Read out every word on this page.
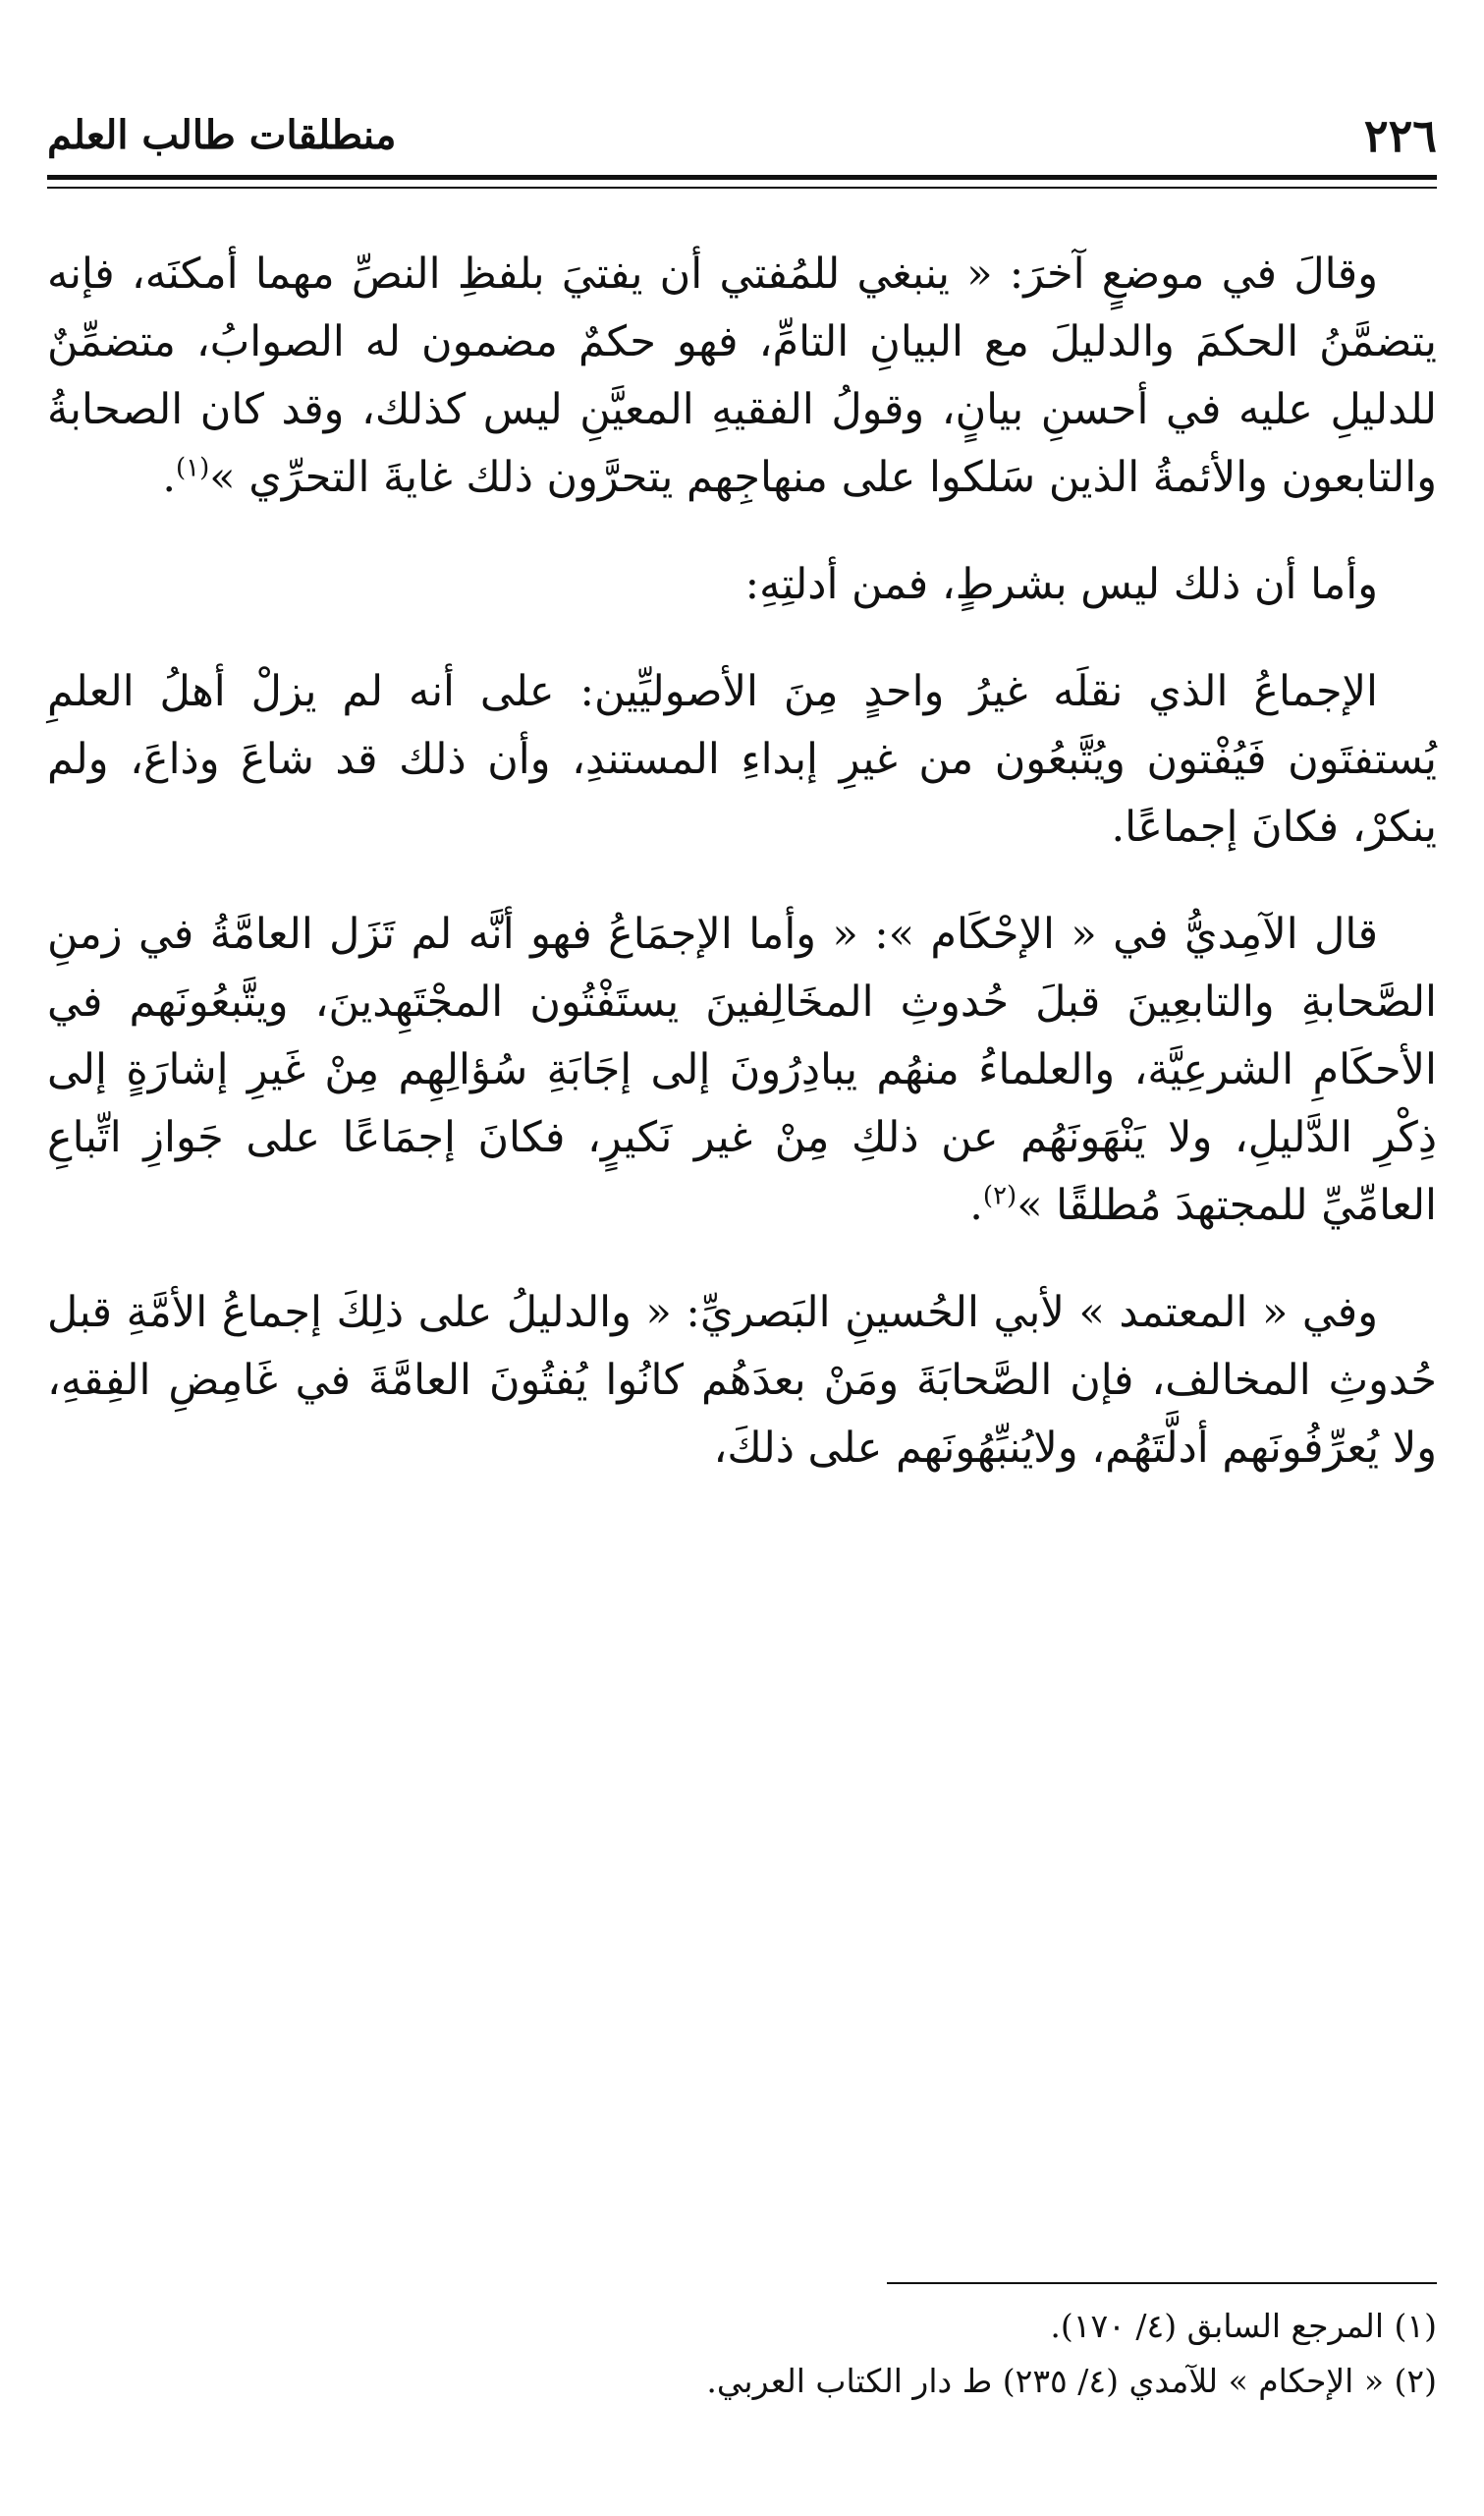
٢٢٦
منطلقات طالب العلم

وقالَ في موضعٍ آخرَ: « ينبغي للمُفتي أن يفتيَ بلفظِ النصِّ مهما أمكنَه، فإنه يتضمَّنُ الحكمَ والدليلَ مع البيانِ التامِّ، فهو حكمٌ مضمون له الصوابُ، متضمِّنٌ للدليلِ عليه في أحسنِ بيانٍ، وقولُ الفقيهِ المعيَّنِ ليس كذلك، وقد كان الصحابةُ والتابعون والأئمةُ الذين سَلكوا على منهاجِهم يتحرَّون ذلك غايةَ التحرِّي »$^{(١)}$.

وأما أن ذلك ليس بشرطٍ، فمن أدلتِهِ:

الإجماعُ الذي نقلَه غيرُ واحدٍ مِنَ الأصوليِّين: على أنه لم يزلْ أهلُ العلمِ يُستفتَون فَيُفْتون ويُتَّبعُون من غيرِ إبداءِ المستندِ، وأن ذلك قد شاعَ وذاعَ، ولم ينكرْ، فكانَ إجماعًا.

قال الآمِديُّ في « الإحْكَام »: « وأما الإجمَاعُ فهو أنَّه لم تَزَل العامَّةُ في زمنِ الصَّحابةِ والتابعِينَ قبلَ حُدوثِ المخَالِفينَ يستَفْتُون المجْتَهِدينَ، ويتَّبعُونَهم في الأحكَامِ الشرعِيَّة، والعلماءُ منهُم يبادِرُونَ إلى إجَابَةِ سُؤالِهِم مِنْ غَيرِ إشارَةٍ إلى ذِكْرِ الدَّليلِ، ولا يَنْهَونَهُم عن ذلكِ مِنْ غير نَكيرٍ، فكانَ إجمَاعًا على جَوازِ اتِّباعِ العامِّيِّ للمجتهدَ مُطلقًا »$^{(٢)}$.

وفي « المعتمد » لأبي الحُسينِ البَصريِّ: « والدليلُ على ذلِكَ إجماعُ الأمَّةِ قبل حُدوثِ المخالف، فإن الصَّحابَةَ ومَنْ بعدَهُم كانُوا يُفتُونَ العامَّةَ في غَامِضِ الفِقهِ، ولا يُعرِّفُونَهم أدلَّتَهُم، ولايُنبِّهُونَهم على ذلكَ،

(١) المرجع السابق (٤/ ١٧٠).

(٢) « الإحكام » للآمدي (٤/ ٢٣٥) ط دار الكتاب العربي.
